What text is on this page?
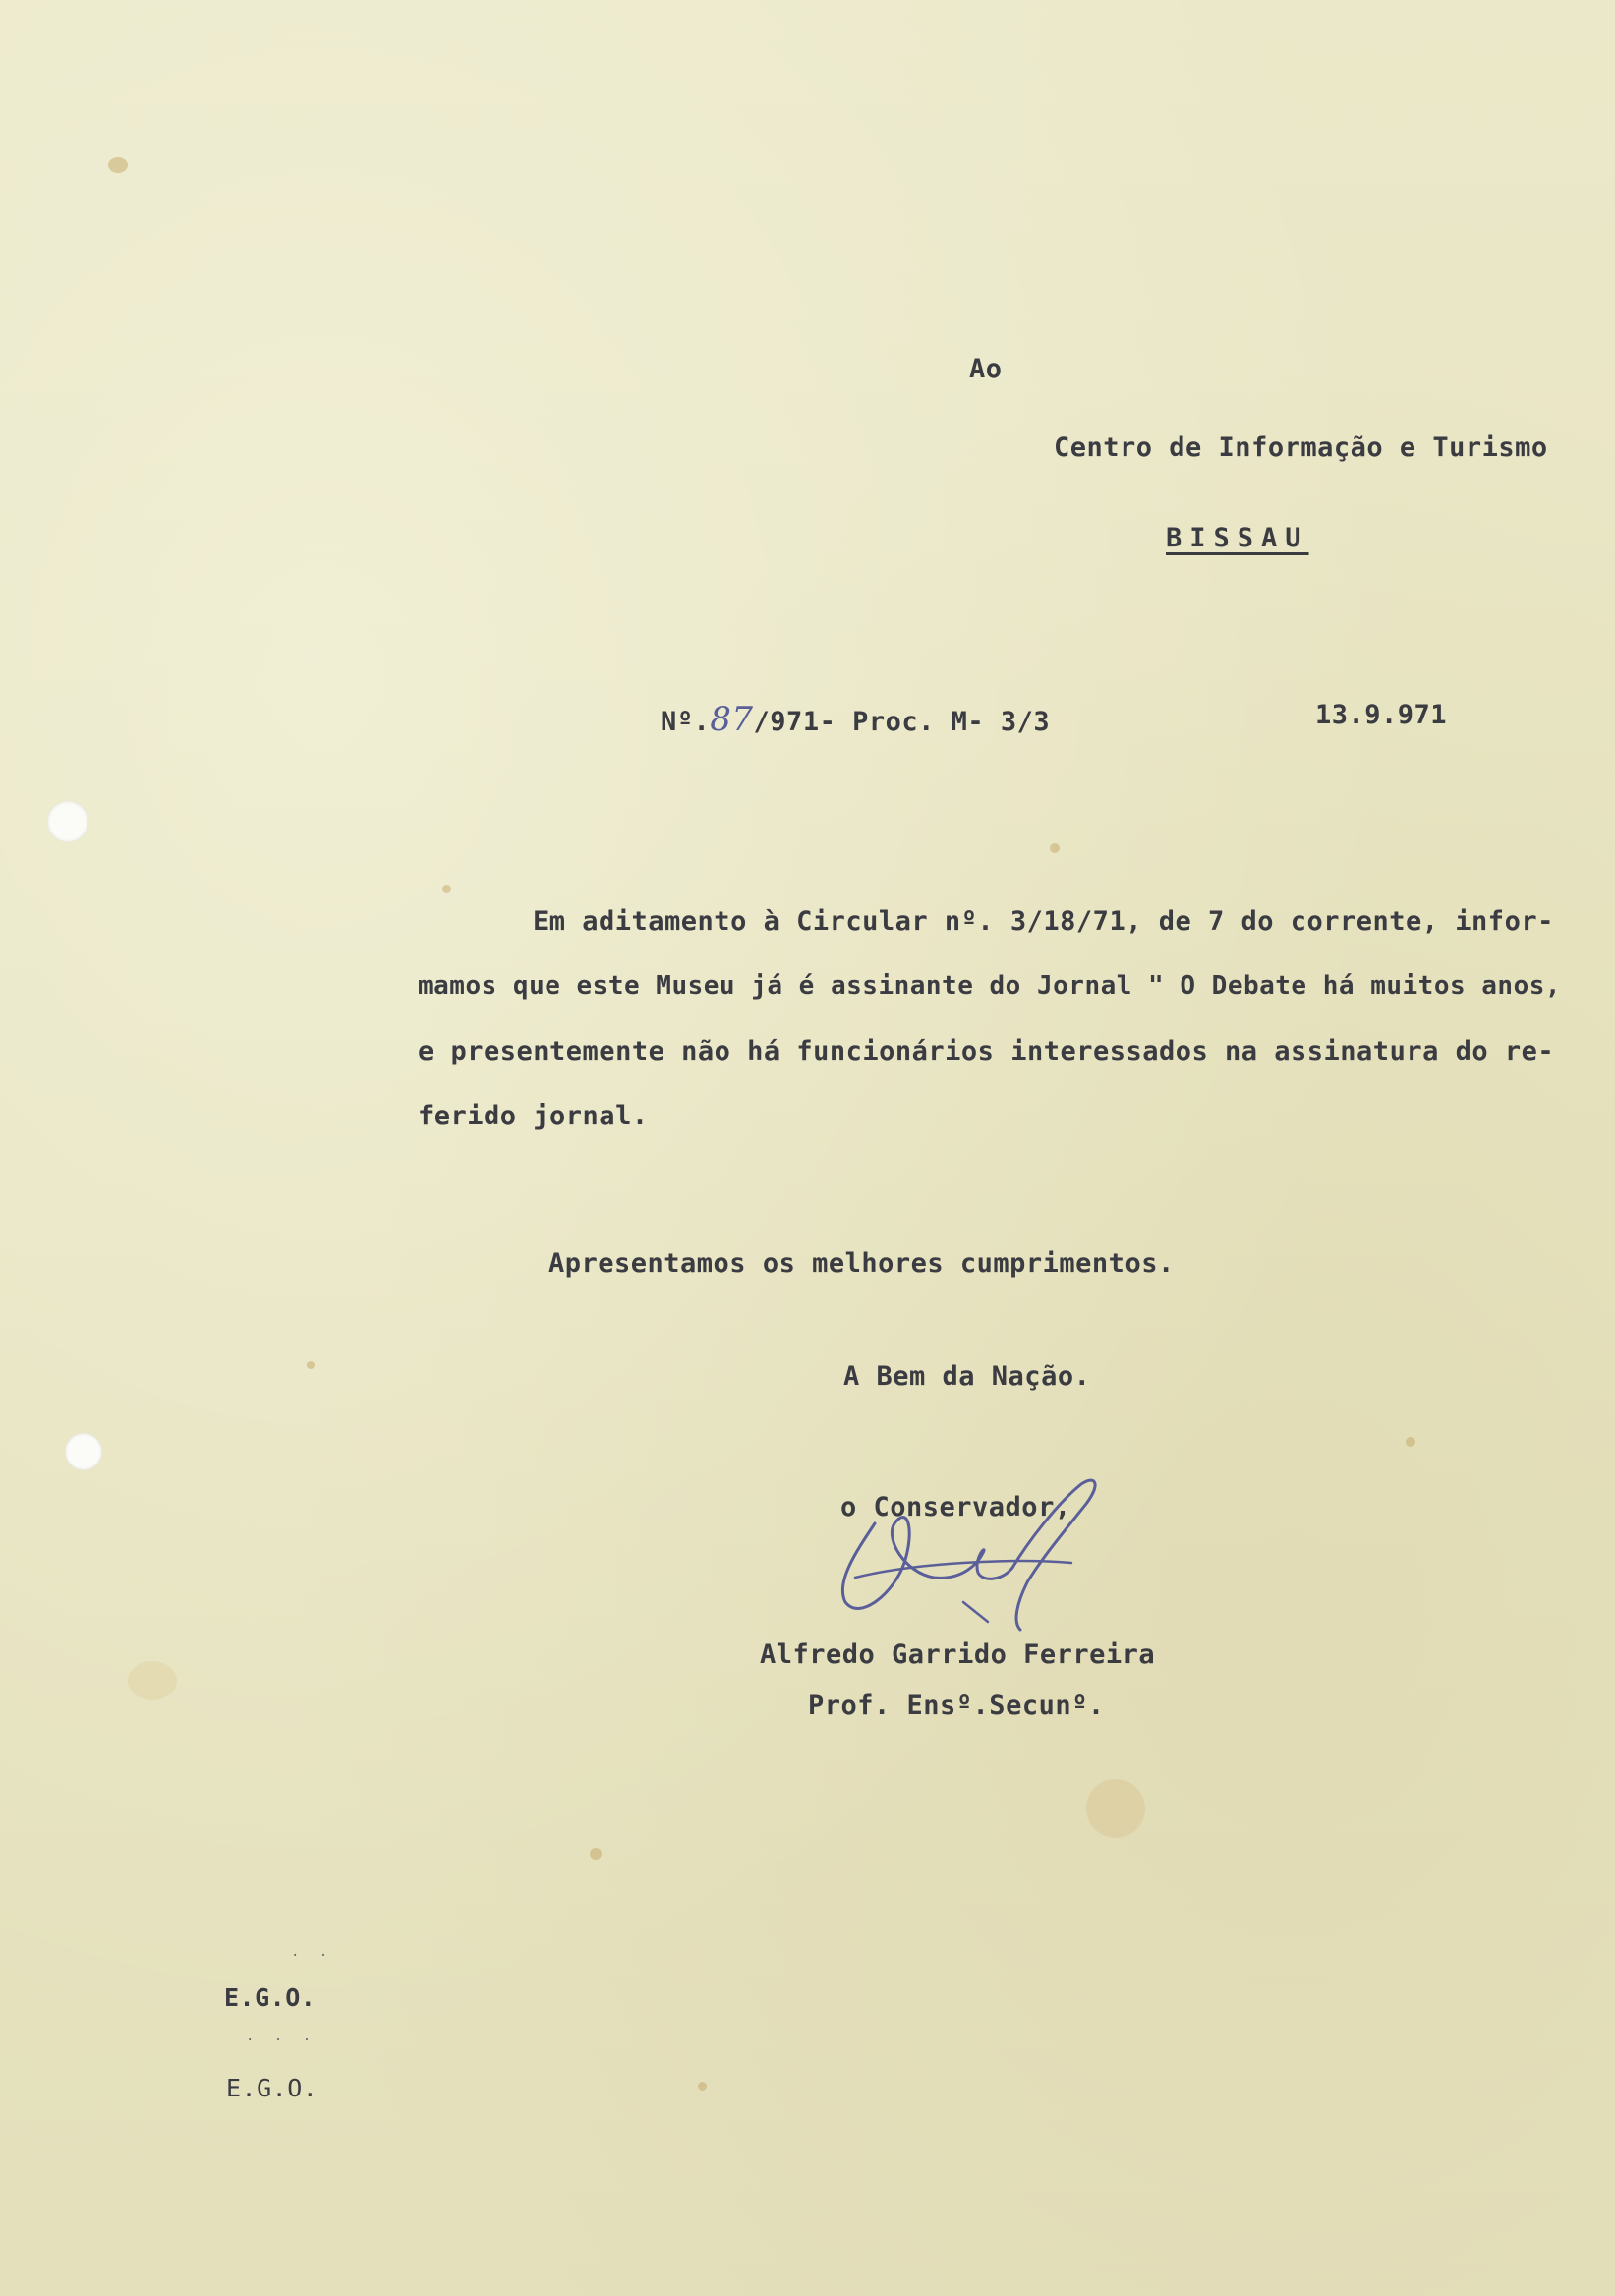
Ao
Centro de Informação e Turismo
BISSAU
Nº.87/971- Proc. M- 3/3	13.9.971
Em aditamento à Circular nº. 3/18/71, de 7 do corrente, infor-
mamos que este Museu já é assinante do Jornal " O Debate há muitos anos,
e presentemente não há funcionários interessados na assinatura do re-
ferido jornal.
Apresentamos os melhores cumprimentos.
A Bem da Nação.
o Conservador,
Alfredo Garrido Ferreira
Prof. Ensº.Secunº.
. .
E.G.O.
. . .
E.G.O.
